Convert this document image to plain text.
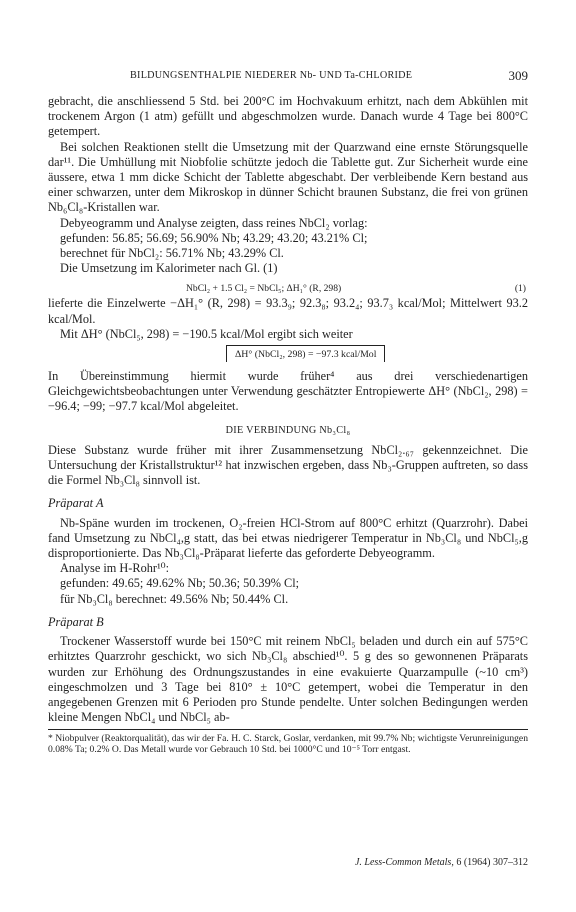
BILDUNGSENTHALPIE NIEDERER Nb- UND Ta-CHLORIDE	309

gebracht, die anschliessend 5 Std. bei 200°C im Hochvakuum erhitzt, nach dem Abkühlen mit trockenem Argon (1 atm) gefüllt und abgeschmolzen wurde. Danach wurde 4 Tage bei 800°C getempert.

Bei solchen Reaktionen stellt die Umsetzung mit der Quarzwand eine ernste Störungsquelle dar¹¹. Die Umhüllung mit Niobfolie schützte jedoch die Tablette gut. Zur Sicherheit wurde eine äussere, etwa 1 mm dicke Schicht der Tablette abgeschabt. Der verbleibende Kern bestand aus einer schwarzen, unter dem Mikroskop in dünner Schicht braunen Substanz, die frei von grünen Nb₆Cl₈-Kristallen war.

Debyeogramm und Analyse zeigten, dass reines NbCl₂ vorlag:

gefunden: 56.85; 56.69; 56.90% Nb; 43.29; 43.20; 43.21% Cl;

berechnet für NbCl₂: 56.71% Nb; 43.29% Cl.

Die Umsetzung im Kalorimeter nach Gl. (1)

NbCl₂ + 1.5 Cl₂ = NbCl₅; ΔH₁° (R, 298)	(1)

lieferte die Einzelwerte −ΔH₁° (R, 298) = 93.3₉; 92.3₈; 93.2₄; 93.7₃ kcal/Mol; Mittelwert 93.2 kcal/Mol.

Mit ΔH° (NbCl₅, 298) = −190.5 kcal/Mol ergibt sich weiter

ΔH° (NbCl₂, 298) = −97.3 kcal/Mol

In Übereinstimmung hiermit wurde früher⁴ aus drei verschiedenartigen Gleichgewichtsbeobachtungen unter Verwendung geschätzter Entropiewerte ΔH° (NbCl₂, 298) = −96.4; −99; −97.7 kcal/Mol abgeleitet.

DIE VERBINDUNG Nb₃Cl₈

Diese Substanz wurde früher mit ihrer Zusammensetzung NbCl₂.₆₇ gekennzeichnet. Die Untersuchung der Kristallstruktur¹² hat inzwischen ergeben, dass Nb₃-Gruppen auftreten, so dass die Formel Nb₃Cl₈ sinnvoll ist.

Präparat A

Nb-Späne wurden im trockenen, O₂-freien HCl-Strom auf 800°C erhitzt (Quarzrohr). Dabei fand Umsetzung zu NbCl₄,g statt, das bei etwas niedrigerer Temperatur in Nb₃Cl₈ und NbCl₅,g disproportionierte. Das Nb₃Cl₈-Präparat lieferte das geforderte Debyeogramm.

Analyse im H-Rohr¹⁰:

gefunden: 49.65; 49.62% Nb; 50.36; 50.39% Cl;

für Nb₃Cl₈ berechnet: 49.56% Nb; 50.44% Cl.

Präparat B

Trockener Wasserstoff wurde bei 150°C mit reinem NbCl₅ beladen und durch ein auf 575°C erhitztes Quarzrohr geschickt, wo sich Nb₃Cl₈ abschied¹⁰. 5 g des so gewonnenen Präparats wurden zur Erhöhung des Ordnungszustandes in eine evakuierte Quarzampulle (~10 cm³) eingeschmolzen und 3 Tage bei 810° ± 10°C getempert, wobei die Temperatur in den angegebenen Grenzen mit 6 Perioden pro Stunde pendelte. Unter solchen Bedingungen werden kleine Mengen NbCl₄ und NbCl₅ ab-

* Niobpulver (Reaktorqualität), das wir der Fa. H. C. Starck, Goslar, verdanken, mit 99.7% Nb; wichtigste Verunreinigungen 0.08% Ta; 0.2% O. Das Metall wurde vor Gebrauch 10 Std. bei 1000°C und 10⁻⁵ Torr entgast.

J. Less-Common Metals, 6 (1964) 307–312
